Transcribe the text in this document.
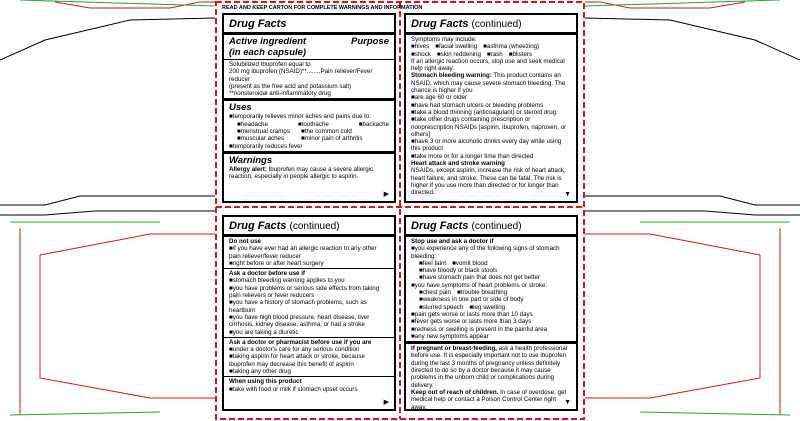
READ AND KEEP CARTON FOR COMPLETE WARNINGS AND INFORMATION
Drug Facts
Active ingredient	Purpose
(in each capsule)
Solubilized Ibuprofen equal to
200 mg ibuprofen (NSAID)**........Pain reliever/Fever reducer
(present as the free acid and potassium salt)
**nonsteroidal anti-inflammatory drug
Uses
■ temporarily relieves minor aches and pains due to:
■ headache	■ toothache	■ backache
■ menstrual cramps	■ the common cold
■ muscular aches	■ minor pain of arthritis
■ temporarily reduces fever
Warnings
Allergy alert: Ibuprofen may cause a severe allergic reaction, especially in people allergic to aspirin.
▶
Drug Facts (continued)
Symptoms may include:
■ hives	■ facial swelling	■ asthma (wheezing)
■ shock	■ skin reddening	■ rash	■ blisters
If an allergic reaction occurs, stop use and seek medical help right away.
Stomach bleeding warning: This product contains an NSAID, which may cause severe stomach bleeding. The chance is higher if you
■ are age 60 or older
■ have had stomach ulcers or bleeding problems
■ take a blood thinning (anticoagulant) or steroid drug
■ take other drugs containing prescription or nonprescription NSAIDs [aspirin, ibuprofen, naproxen, or others]
■ have 3 or more alcoholic drinks every day while using this product
■ take more or for a longer time than directed
Heart attack and stroke warning
NSAIDs, except aspirin, increase the risk of heart attack, heart failure, and stroke. These can be fatal. The risk is higher if you use more than directed or for longer than directed.	▼
Drug Facts (continued)
Do not use
■ if you have ever had an allergic reaction to any other pain reliever/fever reducer
■ right before or after heart surgery
Ask a doctor before use if
■ stomach bleeding warning applies to you
■ you have problems or serious side effects from taking pain relievers or fever reducers
■ you have a history of stomach problems, such as heartburn
■ you have high blood pressure, heart disease, liver cirrhosis, kidney disease, asthma, or had a stroke
■ you are taking a diuretic
Ask a doctor or pharmacist before use if you are
■ under a doctor's care for any serious condition
■ taking aspirin for heart attack or stroke, because ibuprofen may decrease this benefit of aspirin
■ taking any other drug
When using this product
■ take with food or milk if stomach upset occurs
▶
Drug Facts (continued)
Stop use and ask a doctor if
■ you experience any of the following signs of stomach bleeding:
■ feel faint	■ vomit blood
■ have bloody or black stools
■ have stomach pain that does not get better
■ you have symptoms of heart problems or stroke:
■ chest pain	■ trouble breathing
■ weakness in one part or side of body
■ slurred speech	■ leg swelling
■ pain gets worse or lasts more than 10 days
■ fever gets worse or lasts more than 3 days
■ redness or swelling is present in the painful area
■ any new symptoms appear
If pregnant or breast-feeding, ask a health professional before use. It is especially important not to use ibuprofen during the last 3 months of pregnancy unless definitely directed to do so by a doctor because it may cause problems in the unborn child or complications during delivery.
Keep out of reach of children. In case of overdose, get medical help or contact a Poison Control Center right away.
▼
